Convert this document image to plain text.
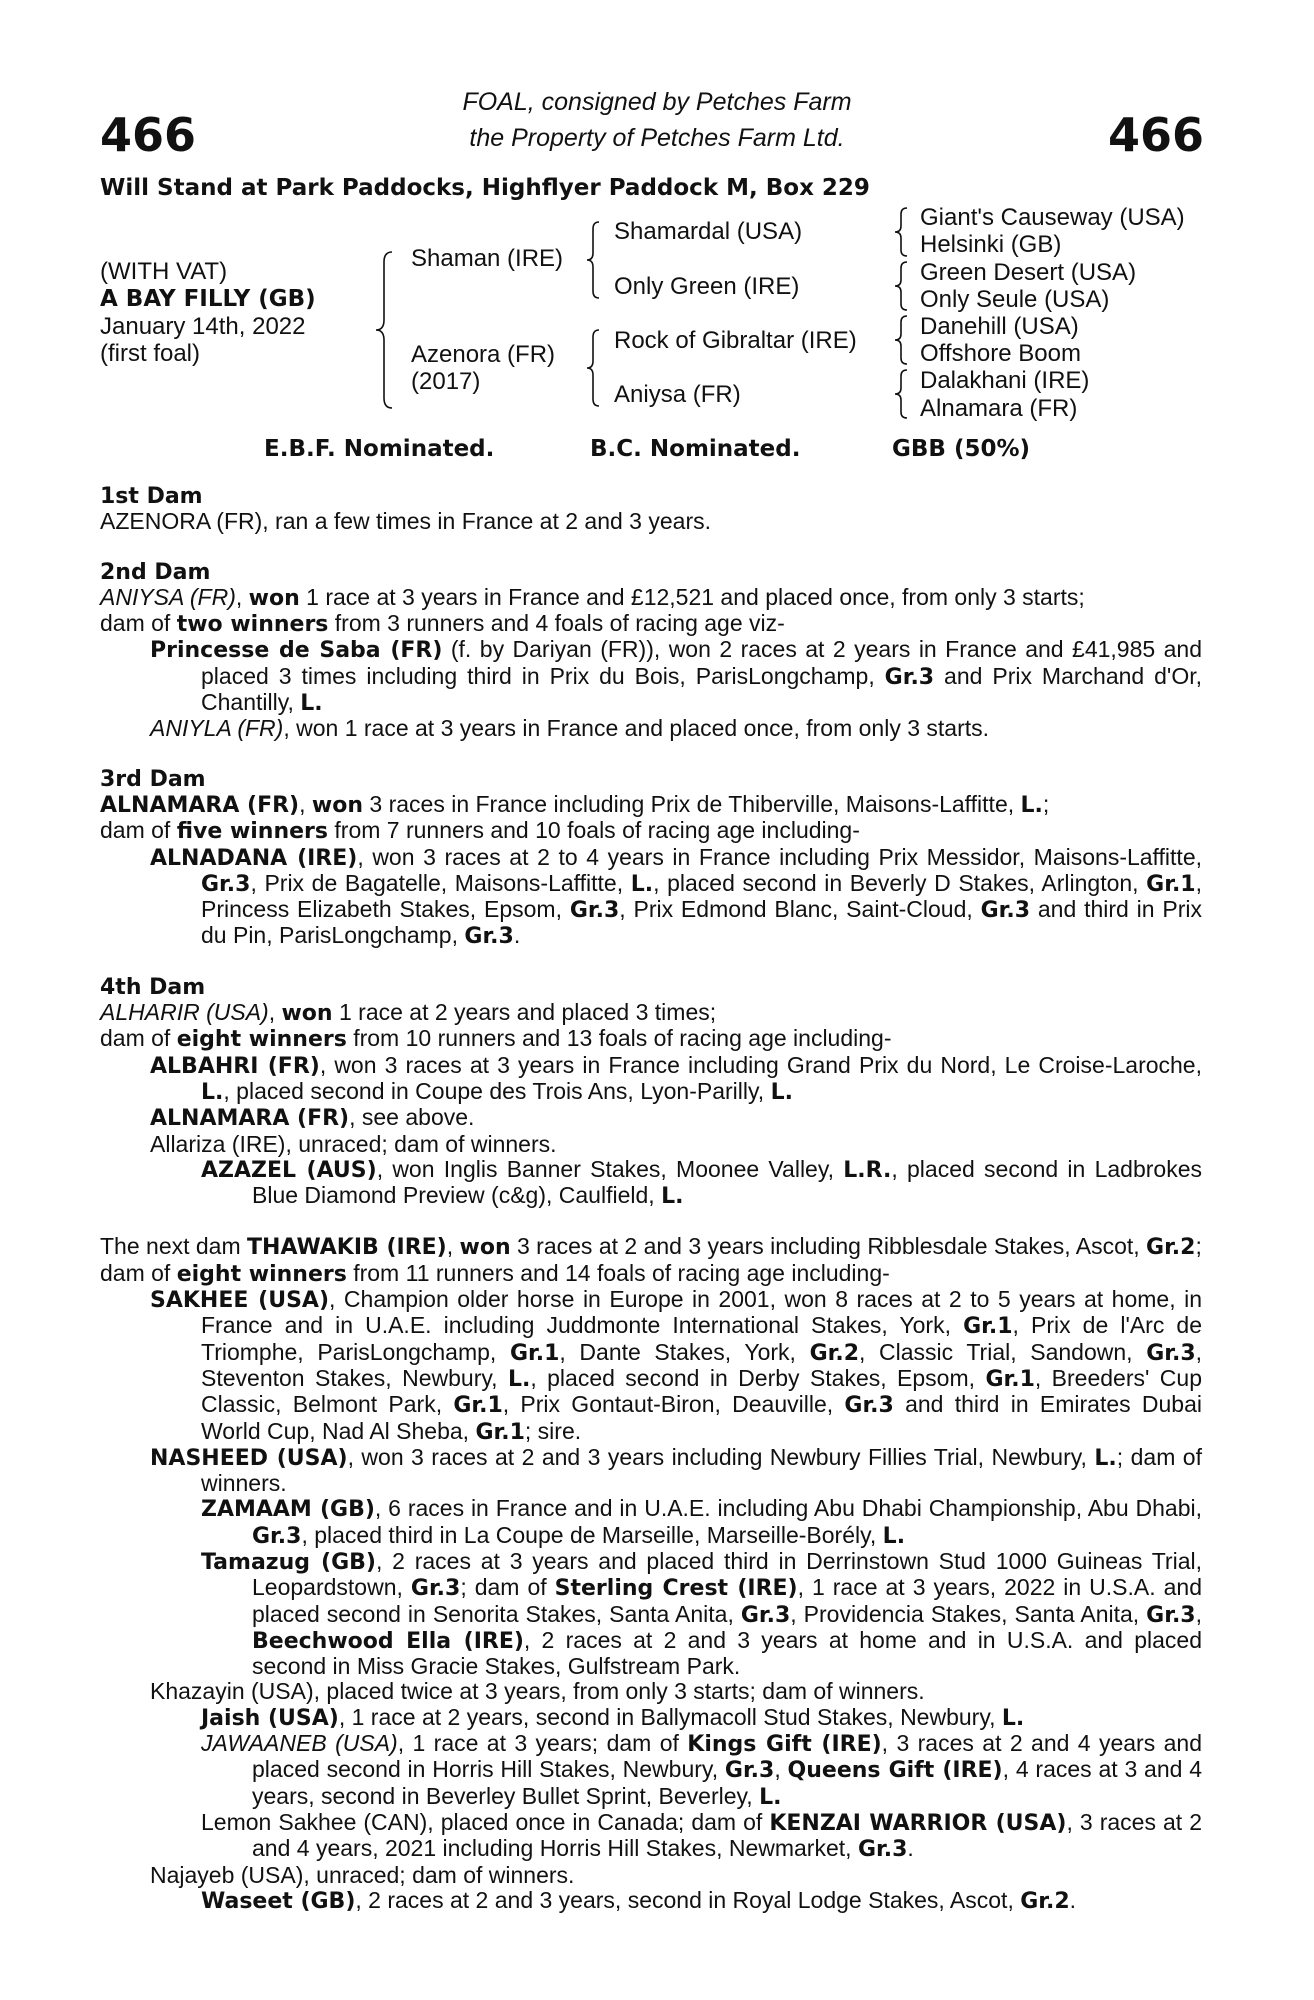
466	466
FOAL, consigned by Petches Farm
the Property of Petches Farm Ltd.
Will Stand at Park Paddocks, Highflyer Paddock M, Box 229
(WITH VAT)
A BAY FILLY (GB)
January 14th, 2022
(first foal)
Shaman (IRE)
Azenora (FR)
(2017)
Shamardal (USA)
Only Green (IRE)
Rock of Gibraltar (IRE)
Aniysa (FR)
Giant's Causeway (USA)
Helsinki (GB)
Green Desert (USA)
Only Seule (USA)
Danehill (USA)
Offshore Boom
Dalakhani (IRE)
Alnamara (FR)
E.B.F. Nominated.	B.C. Nominated.	GBB (50%)
1st Dam
AZENORA (FR), ran a few times in France at 2 and 3 years.
2nd Dam
ANIYSA (FR), won 1 race at 3 years in France and £12,521 and placed once, from only 3 starts;
dam of two winners from 3 runners and 4 foals of racing age viz-
Princesse de Saba (FR) (f. by Dariyan (FR)), won 2 races at 2 years in France and £41,985 and placed 3 times including third in Prix du Bois, ParisLongchamp, Gr.3 and Prix Marchand d'Or, Chantilly, L.
ANIYLA (FR), won 1 race at 3 years in France and placed once, from only 3 starts.
3rd Dam
ALNAMARA (FR), won 3 races in France including Prix de Thiberville, Maisons-Laffitte, L.;
dam of five winners from 7 runners and 10 foals of racing age including-
ALNADANA (IRE), won 3 races at 2 to 4 years in France including Prix Messidor, Maisons-Laffitte, Gr.3, Prix de Bagatelle, Maisons-Laffitte, L., placed second in Beverly D Stakes, Arlington, Gr.1, Princess Elizabeth Stakes, Epsom, Gr.3, Prix Edmond Blanc, Saint-Cloud, Gr.3 and third in Prix du Pin, ParisLongchamp, Gr.3.
4th Dam
ALHARIR (USA), won 1 race at 2 years and placed 3 times;
dam of eight winners from 10 runners and 13 foals of racing age including-
ALBAHRI (FR), won 3 races at 3 years in France including Grand Prix du Nord, Le Croise-Laroche, L., placed second in Coupe des Trois Ans, Lyon-Parilly, L.
ALNAMARA (FR), see above.
Allariza (IRE), unraced; dam of winners.
AZAZEL (AUS), won Inglis Banner Stakes, Moonee Valley, L.R., placed second in Ladbrokes Blue Diamond Preview (c&g), Caulfield, L.
The next dam THAWAKIB (IRE), won 3 races at 2 and 3 years including Ribblesdale Stakes, Ascot, Gr.2;
dam of eight winners from 11 runners and 14 foals of racing age including-
SAKHEE (USA), Champion older horse in Europe in 2001, won 8 races at 2 to 5 years at home, in France and in U.A.E. including Juddmonte International Stakes, York, Gr.1, Prix de l'Arc de Triomphe, ParisLongchamp, Gr.1, Dante Stakes, York, Gr.2, Classic Trial, Sandown, Gr.3, Steventon Stakes, Newbury, L., placed second in Derby Stakes, Epsom, Gr.1, Breeders' Cup Classic, Belmont Park, Gr.1, Prix Gontaut-Biron, Deauville, Gr.3 and third in Emirates Dubai World Cup, Nad Al Sheba, Gr.1; sire.
NASHEED (USA), won 3 races at 2 and 3 years including Newbury Fillies Trial, Newbury, L.; dam of winners.
ZAMAAM (GB), 6 races in France and in U.A.E. including Abu Dhabi Championship, Abu Dhabi, Gr.3, placed third in La Coupe de Marseille, Marseille-Borély, L.
Tamazug (GB), 2 races at 3 years and placed third in Derrinstown Stud 1000 Guineas Trial, Leopardstown, Gr.3; dam of Sterling Crest (IRE), 1 race at 3 years, 2022 in U.S.A. and placed second in Senorita Stakes, Santa Anita, Gr.3, Providencia Stakes, Santa Anita, Gr.3, Beechwood Ella (IRE), 2 races at 2 and 3 years at home and in U.S.A. and placed second in Miss Gracie Stakes, Gulfstream Park.
Khazayin (USA), placed twice at 3 years, from only 3 starts; dam of winners.
Jaish (USA), 1 race at 2 years, second in Ballymacoll Stud Stakes, Newbury, L.
JAWAANEB (USA), 1 race at 3 years; dam of Kings Gift (IRE), 3 races at 2 and 4 years and placed second in Horris Hill Stakes, Newbury, Gr.3, Queens Gift (IRE), 4 races at 3 and 4 years, second in Beverley Bullet Sprint, Beverley, L.
Lemon Sakhee (CAN), placed once in Canada; dam of KENZAI WARRIOR (USA), 3 races at 2 and 4 years, 2021 including Horris Hill Stakes, Newmarket, Gr.3.
Najayeb (USA), unraced; dam of winners.
Waseet (GB), 2 races at 2 and 3 years, second in Royal Lodge Stakes, Ascot, Gr.2.
